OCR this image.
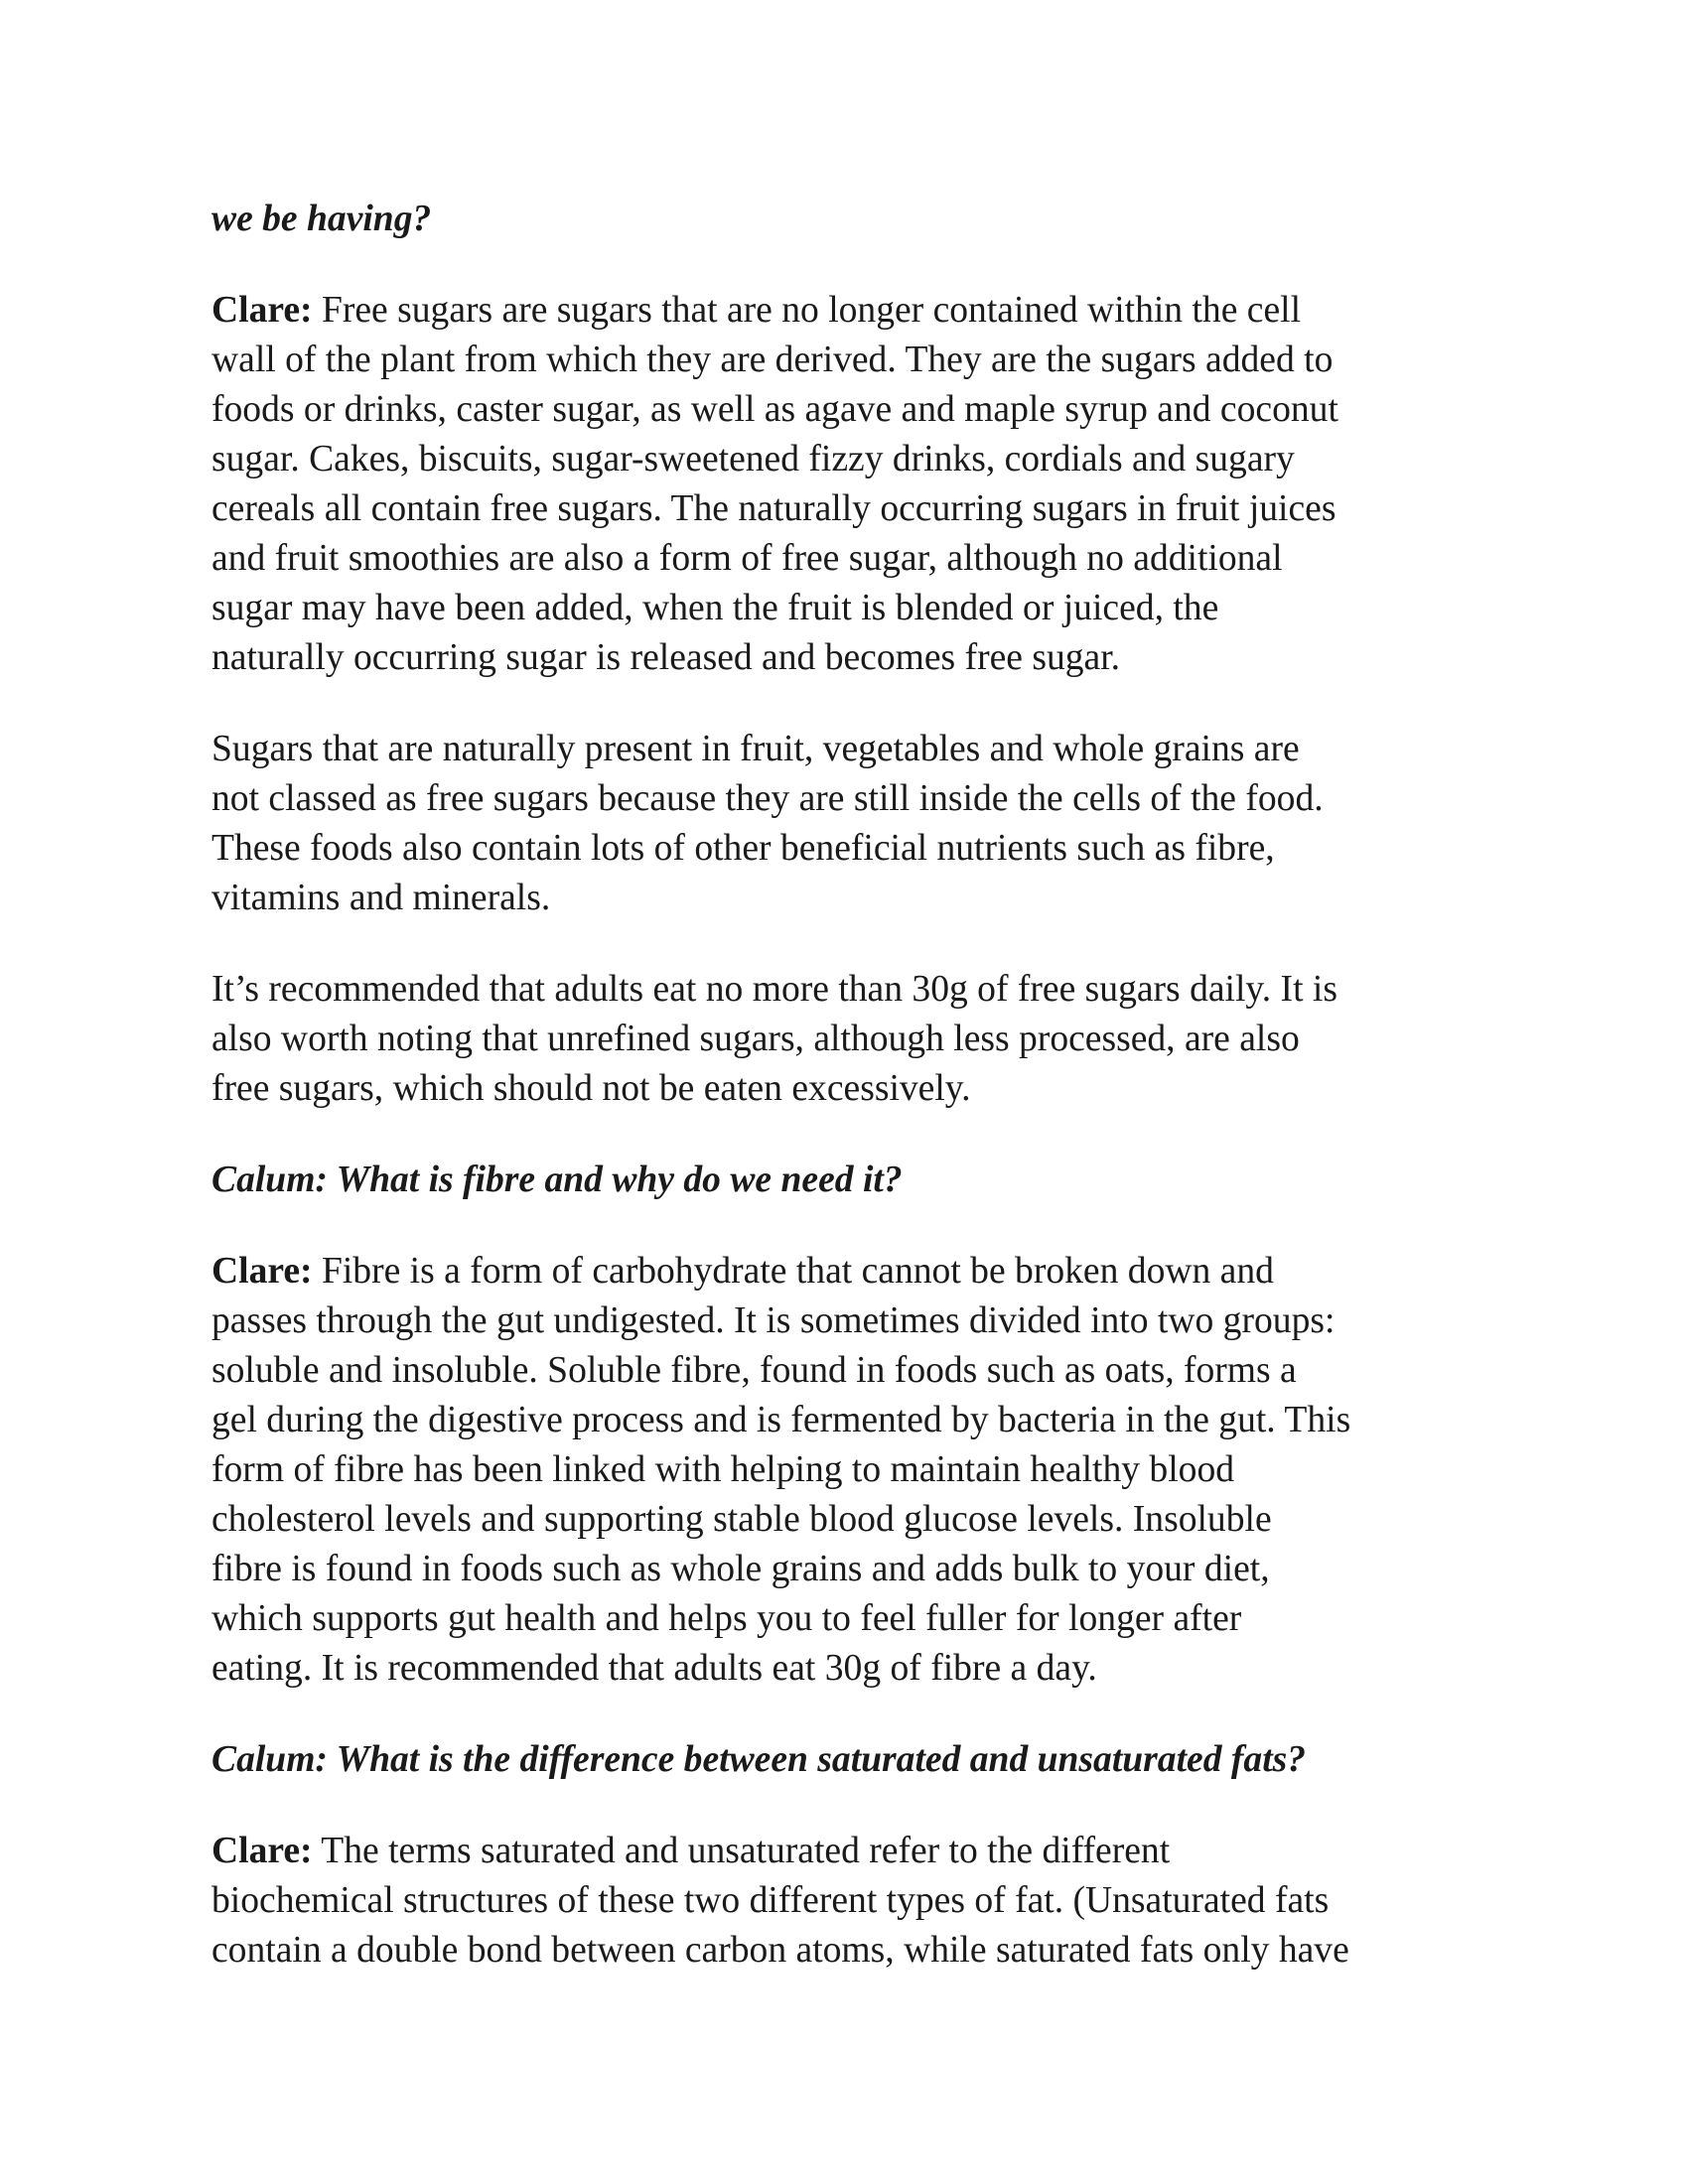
we be having?

Clare: Free sugars are sugars that are no longer contained within the cell
wall of the plant from which they are derived. They are the sugars added to
foods or drinks, caster sugar, as well as agave and maple syrup and coconut
sugar. Cakes, biscuits, sugar-sweetened fizzy drinks, cordials and sugary
cereals all contain free sugars. The naturally occurring sugars in fruit juices
and fruit smoothies are also a form of free sugar, although no additional
sugar may have been added, when the fruit is blended or juiced, the
naturally occurring sugar is released and becomes free sugar.

Sugars that are naturally present in fruit, vegetables and whole grains are
not classed as free sugars because they are still inside the cells of the food.
These foods also contain lots of other beneficial nutrients such as fibre,
vitamins and minerals.

It’s recommended that adults eat no more than 30g of free sugars daily. It is
also worth noting that unrefined sugars, although less processed, are also
free sugars, which should not be eaten excessively.

Calum: What is fibre and why do we need it?

Clare: Fibre is a form of carbohydrate that cannot be broken down and
passes through the gut undigested. It is sometimes divided into two groups:
soluble and insoluble. Soluble fibre, found in foods such as oats, forms a
gel during the digestive process and is fermented by bacteria in the gut. This
form of fibre has been linked with helping to maintain healthy blood
cholesterol levels and supporting stable blood glucose levels. Insoluble
fibre is found in foods such as whole grains and adds bulk to your diet,
which supports gut health and helps you to feel fuller for longer after
eating. It is recommended that adults eat 30g of fibre a day.

Calum: What is the difference between saturated and unsaturated fats?

Clare: The terms saturated and unsaturated refer to the different
biochemical structures of these two different types of fat. (Unsaturated fats
contain a double bond between carbon atoms, while saturated fats only have
